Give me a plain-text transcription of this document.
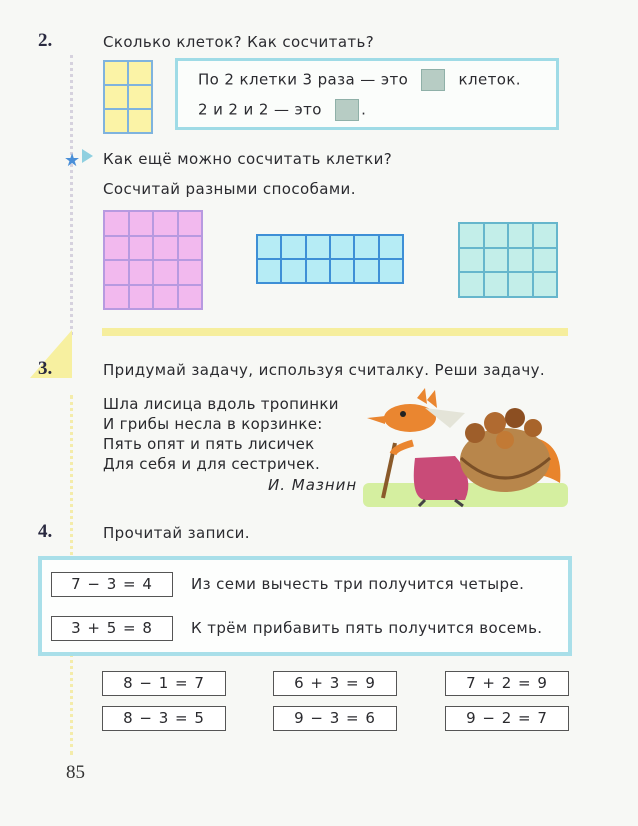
2.	Сколько клеток? Как сосчитать?
По 2 клетки 3 раза — это	клеток.
2 и 2 и 2 — это	.
★ Как ещё можно сосчитать клетки?
Сосчитай разными способами.
3.	Придумай задачу, используя считалку. Реши задачу.
Шла лисица вдоль тропинки
И грибы несла в корзинке:
Пять опят и пять лисичек
Для себя и для сестричек.
И. Мазнин
4.	Прочитай записи.
7 − 3 = 4	Из семи вычесть три получится четыре.
3 + 5 = 8	К трём прибавить пять получится восемь.
8 − 1 = 7	6 + 3 = 9	7 + 2 = 9
8 − 3 = 5	9 − 3 = 6	9 − 2 = 7
85
